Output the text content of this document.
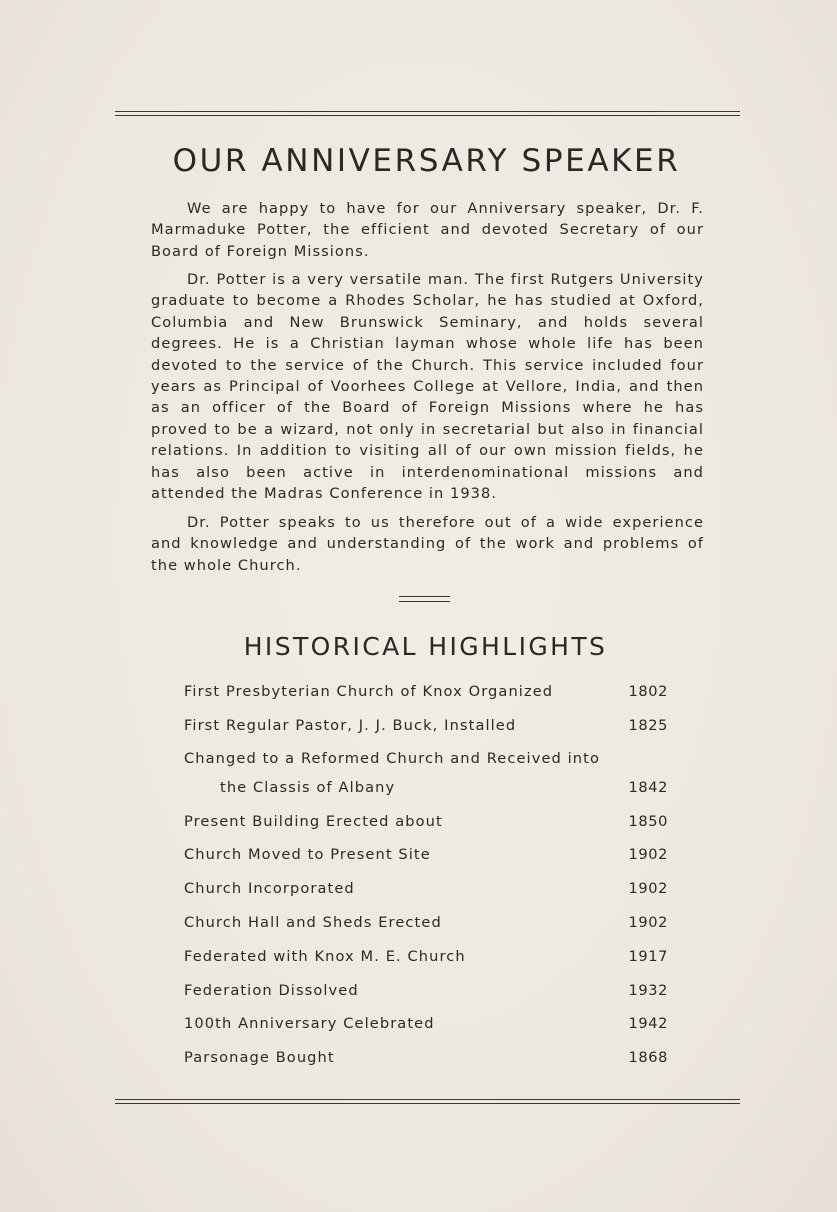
OUR ANNIVERSARY SPEAKER

We are happy to have for our Anniversary speaker, Dr. F. Marmaduke Potter, the efficient and devoted Secretary of our Board of Foreign Missions.

Dr. Potter is a very versatile man. The first Rutgers University graduate to become a Rhodes Scholar, he has studied at Oxford, Columbia and New Brunswick Seminary, and holds several degrees. He is a Christian layman whose whole life has been devoted to the service of the Church. This service included four years as Principal of Voorhees College at Vellore, India, and then as an officer of the Board of Foreign Missions where he has proved to be a wizard, not only in secretarial but also in financial relations. In addition to visiting all of our own mission fields, he has also been active in interdenominational missions and attended the Madras Conference in 1938.

Dr. Potter speaks to us therefore out of a wide experience and knowledge and understanding of the work and problems of the whole Church.

HISTORICAL HIGHLIGHTS
First Presbyterian Church of Knox Organized	1802
First Regular Pastor, J. J. Buck, Installed	1825
Changed to a Reformed Church and Received into
the Classis of Albany	1842
Present Building Erected about	1850
Church Moved to Present Site	1902
Church Incorporated	1902
Church Hall and Sheds Erected	1902
Federated with Knox M. E. Church	1917
Federation Dissolved	1932
100th Anniversary Celebrated	1942
Parsonage Bought	1868
